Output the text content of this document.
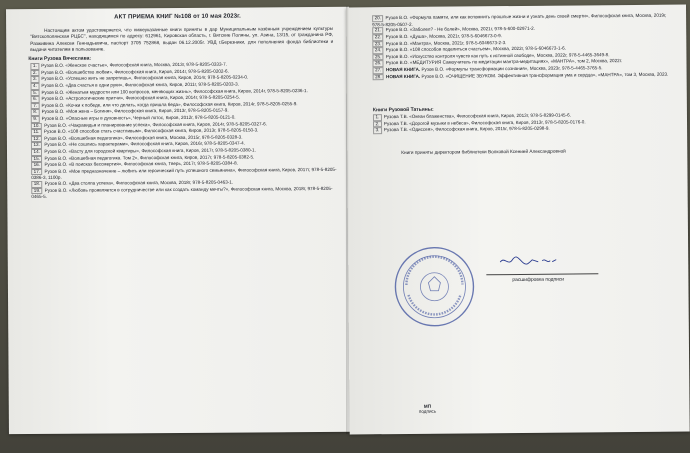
АКТ ПРИЕМА КНИГ №108 от 10 мая 2023г.
Настоящим актом удостоверяется, что нижеуказанные книги приняты в дар Муниципальным казённым учреждением культуры "Вятскополянская РЦБС", находящимся по адресу: 612961, Кировская область, г. Вятские Поляны, ул. Азина, 13/15, от гражданина РФ, Разживина Алексея Геннадьевича, паспорт 3705 752868, выдан 06.12.2005г. УВД г.Березники, для пополнения фонда библиотеки и выдачи читателям в пользование.
Книги Рузова Вячеслава:
1. Рузов В.О. «Женское счастье», Философская книга, Москва, 2013г, 978-5-8205-0333-7.
2. Рузов В.О. «Волшебство любви», Философская книга, Киров, 2014г, 978-5-8205-0202-6.
3. Рузов В.О. «Успешно жить не запретишь», Философская книга, Киров, 2014г, 978-5-8205-0234-0.
4. Рузов В.О. «Два счастья в одни руки», Философская книга, Киров, 2011г, 978-5-8205-0203-3.
5. Рузов В.О. «Женатым мудрости или 100 вопросов, меняющих жизнь», Философская книга, Киров, 2014г, 978-5-8205-0236-1.
6. Рузов В.О. «Астрологические притчи», Философская книга, Киров, 2014г, 978-5-8205-0254-5.
7. Рузов В.О. «Кочки к победе, или что делать, когда пришла беда», Философская книга, Киров, 2014г, 978-5-8205-0255-9.
8. Рузов В.О. «Моя жена – Богиня», Философская книга, Киров, 2013г, 978-5-8205-0157-9.
9. Рузов В.О. «Опасные игры в духовность», Черный лотос, Киров, 2012г, 978-5-8205-0121-0.
10. Рузов В.О. «Чакравидья и планирование успеха», Философская книга, Киров, 2014г, 978-5-8205-0327-6.
11. Рузов В.О. «108 способов стать счастливым», Философская книга, Киров, 2013г, 978-5-8205-0150-3.
12. Рузов В.О. «Волшебная педагогика», Философская книга, Москва, 2015г, 978-5-8205-0328-3.
13. Рузов В.О. «Не сошлись характерами», Философская книга, Киров, 2016г, 978-5-8205-0347-4.
14. Рузов В.О. «Васту для городской квартиры», Философская книга, Киров, 2017г, 978-5-8205-0380-1.
15. Рузов В.О. «Волшебная педагогика. Том 2», Философская книга, Киров, 2017г, 978-5-8205-0382-5.
16. Рузов В.О. «В поисках бессмертия», Философская книга, Тверь, 2017г, 978-5-8205-0384-8.
17. Рузов В.О. «Мое предназначение – любить или героический путь успешного семьянина», Философская книга, Киров, 2017г, 978-5-8205-0386-3, 1100р.
18. Рузов В.О. «Два столпа успеха», Философская книга, Москва, 2018г, 978-5-8205-0463-1.
19. Рузов В.О. «Любовь проявляется в сотрудничестве или как создать команду мечты?», Философская книга, Москва, 2018г, 978-5-8205-0465-5.
20. Рузов В.О. «Формула памяти, или как вспомнить прошлые жизни и узнать день своей смерти», Философская книга, Москва, 2019г, 978-5-8205-0507-2.
21. Рузов В.О. «Заболел? - Не болей», Москва, 2021г, 978-5-600-02971-2.
22. Рузов В.О. «Душа», Москва, 2021г, 978-5-6046673-0-9.
23. Рузов В.О. «Мантра», Москва, 2021г, 978-5-6046673-2-3.
24. Рузов В.О. «108 способов поделиться счастьем», Москва, 2022г, 978-5-6046673-1-6.
25. Рузов В.О. «Искусство контроля чувств как путь к истинной свободе», Москва, 2022г, 978-5-4465-3649-8.
26. Рузов В.О. «МЕДИТУРИЯ Самоучитель по медитации мантра-медитациях», «МАНТРА», том 2, Москва, 2022г.
27. НОВАЯ КНИГА. Рузов В.О. «Формулы трансформации сознания», Москва, 2023г, 978-5-4465-3765-5.
28. НОВАЯ КНИГА. Рузов В.О. «ОЧИЩЕНИЕ ЗВУКОМ. Эффективная трансформация ума и сердца», «МАНТРА», том 3, Москва, 2023.
Книги Рузовой Татьяны:
1. Рузова Т.В. «Океан блаженства», Философская книга, Киров, 2013г, 978-5-8299-0145-6.
2. Рузова Т.В. «Дорогой музыки в небеса», Философская книга, Киров, 2013г, 978-5-8205-0176-0.
3. Рузова Т.В. «Одиссея», Философская книга, Киров, 2015г, 978-5-8205-0298-9.
Книги приняты директором библиотеки Волковой Ксенией Александровной
расшифровка подписи
МП
подпись
